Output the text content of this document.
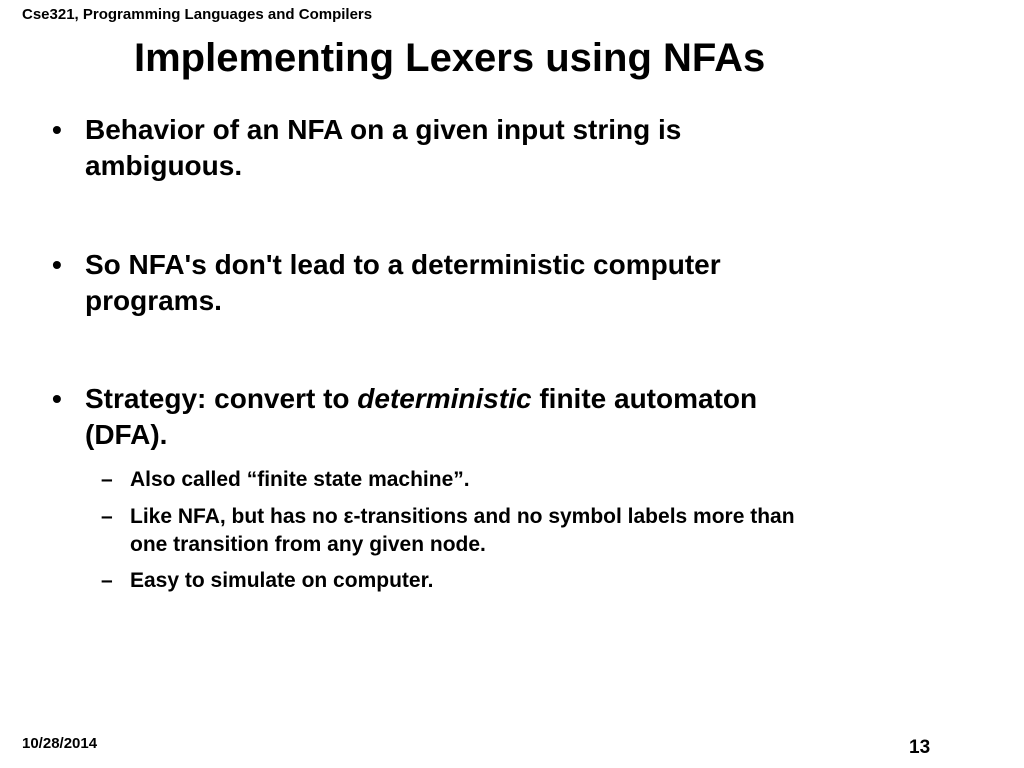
Cse321, Programming Languages and Compilers
Implementing Lexers using NFAs
• Behavior of an NFA on a given input string is
ambiguous.
• So NFA's don't lead to a deterministic computer
programs.
• Strategy: convert to deterministic finite automaton
(DFA).
– Also called “finite state machine”.
– Like NFA, but has no ε-transitions and no symbol labels more than
one transition from any given node.
– Easy to simulate on computer.
10/28/2014	13
